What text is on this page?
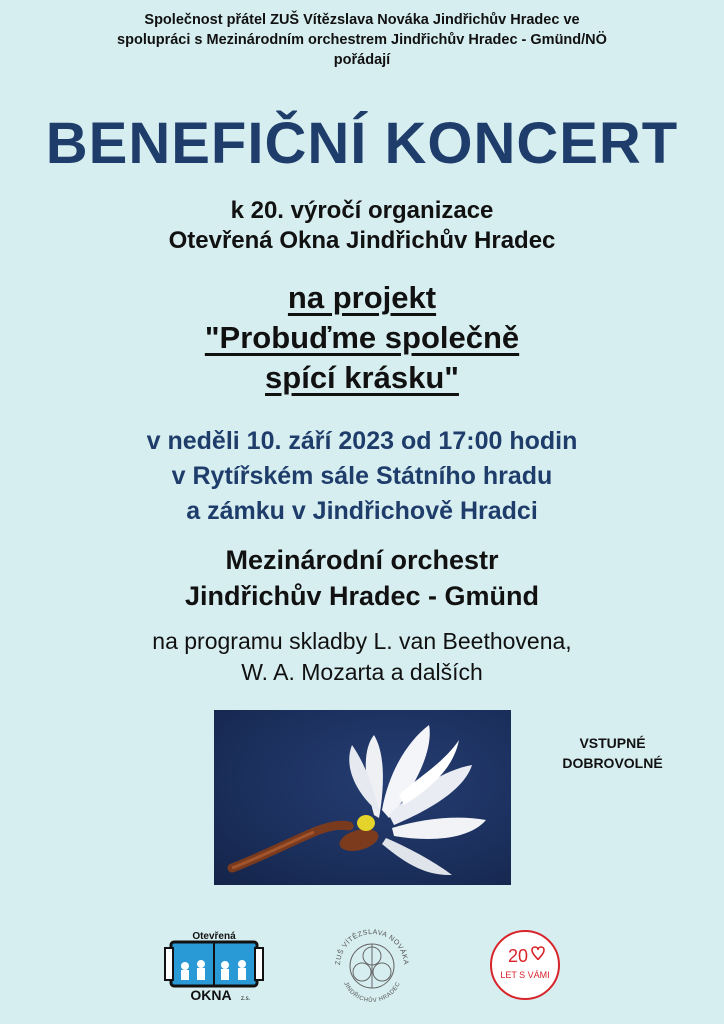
Společnost přátel ZUŠ Vítězslava Nováka Jindřichův Hradec ve
spolupráci s Mezinárodním orchestrem Jindřichův Hradec - Gmünd/NÖ
pořádají
BENEFIČNÍ KONCERT
k 20. výročí organizace
Otevřená Okna Jindřichův Hradec
na projekt
"Probuďme společně
spící krásku"
v neděli 10. září 2023 od 17:00 hodin
v Rytířském sále Státního hradu
a zámku v Jindřichově Hradci
Mezinárodní orchestr
Jindřichův Hradec - Gmünd
na programu skladby L. van Beethovena,
W. A. Mozarta a dalších
VSTUPNÉ
DOBROVOLNÉ
Otevřená
OKNA z.s.
ZUŠ VÍTĚZSLAVA NOVÁKA
JINDŘICHŮV HRADEC
20
LET S VÁMI
